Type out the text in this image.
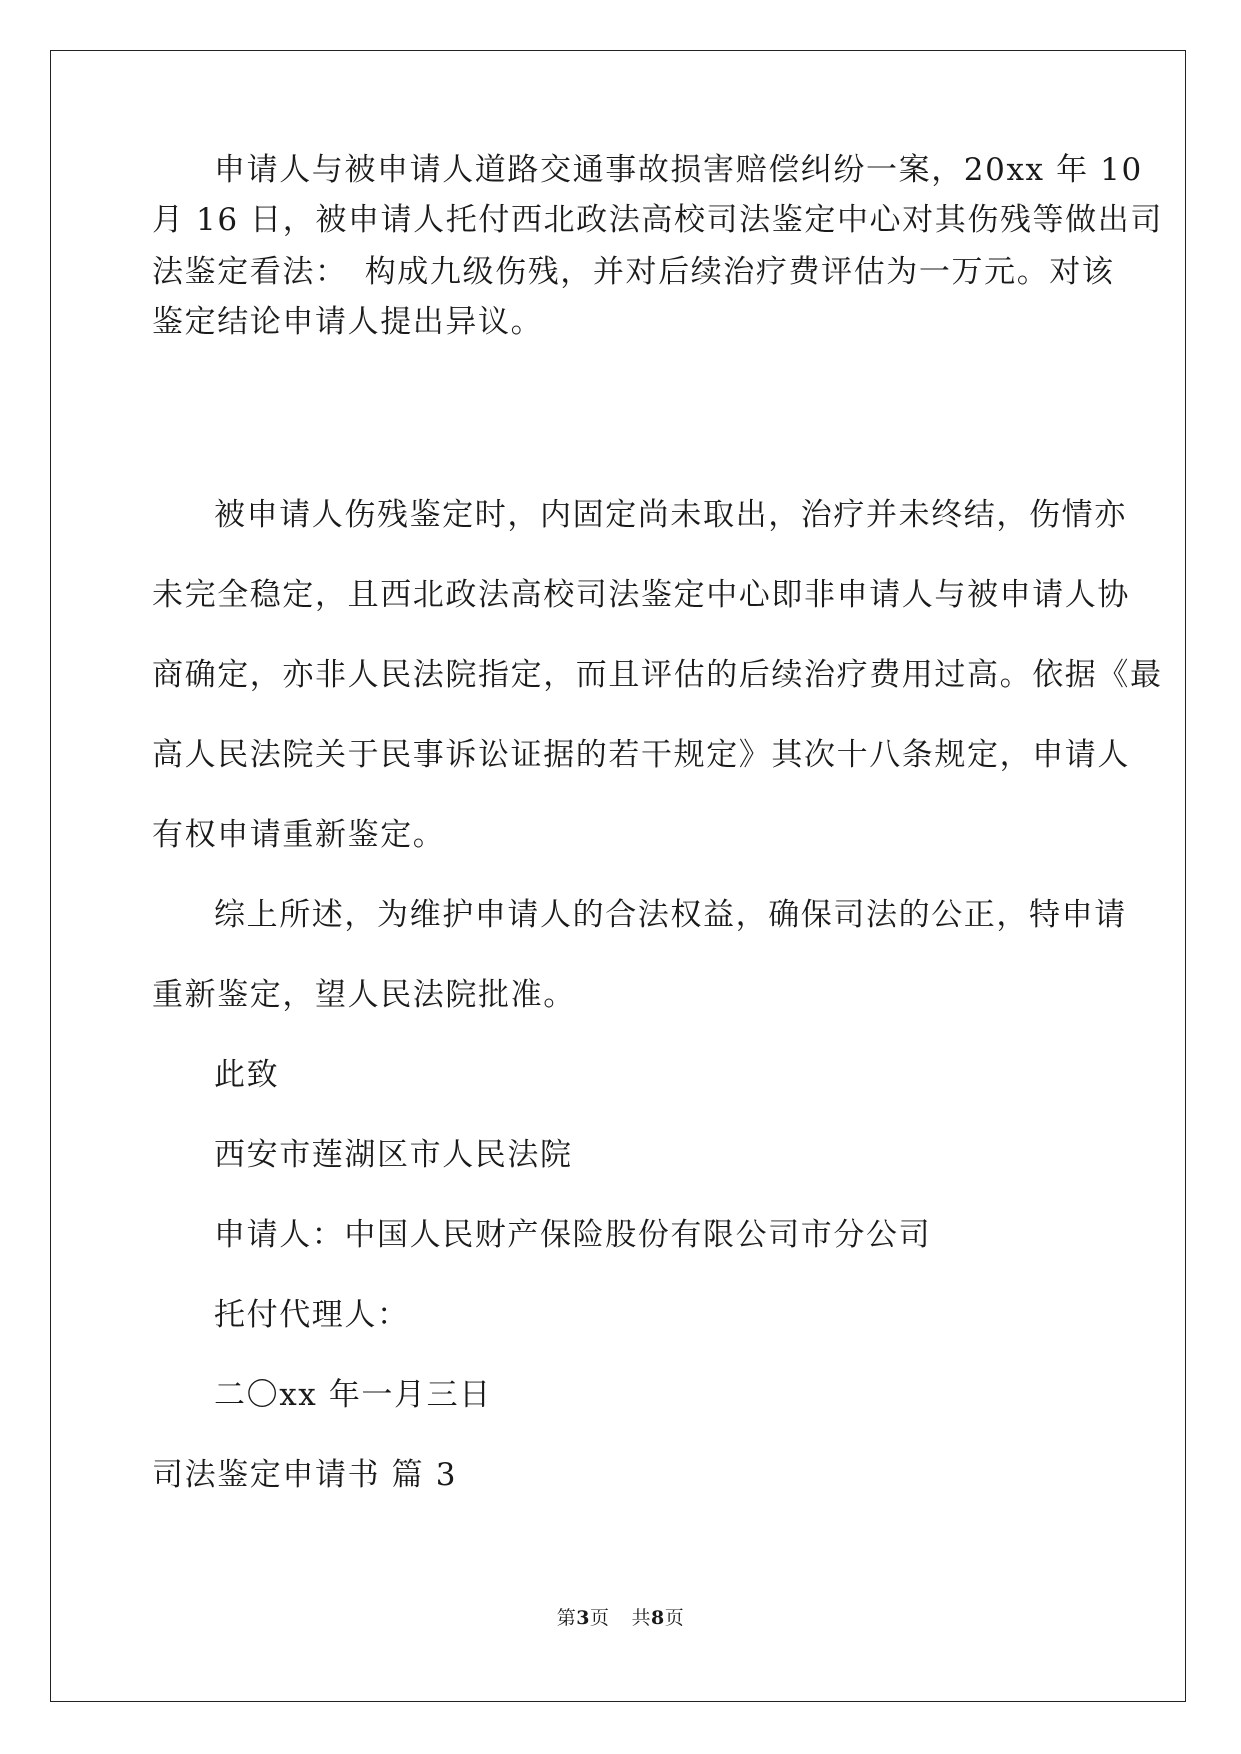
申请人与被申请人道路交通事故损害赔偿纠纷一案，20xx 年 10

月 16 日，被申请人托付西北政法高校司法鉴定中心对其伤残等做出司

法鉴定看法：　构成九级伤残，并对后续治疗费评估为一万元。对该

鉴定结论申请人提出异议。

被申请人伤残鉴定时，内固定尚未取出，治疗并未终结，伤情亦

未完全稳定，且西北政法高校司法鉴定中心即非申请人与被申请人协

商确定，亦非人民法院指定，而且评估的后续治疗费用过高。依据《最

高人民法院关于民事诉讼证据的若干规定》其次十八条规定，申请人

有权申请重新鉴定。

综上所述，为维护申请人的合法权益，确保司法的公正，特申请

重新鉴定，望人民法院批准。

此致

西安市莲湖区市人民法院

申请人：中国人民财产保险股份有限公司市分公司

托付代理人：

二〇xx 年一月三日

司法鉴定申请书 篇 3

第3页 共8页
